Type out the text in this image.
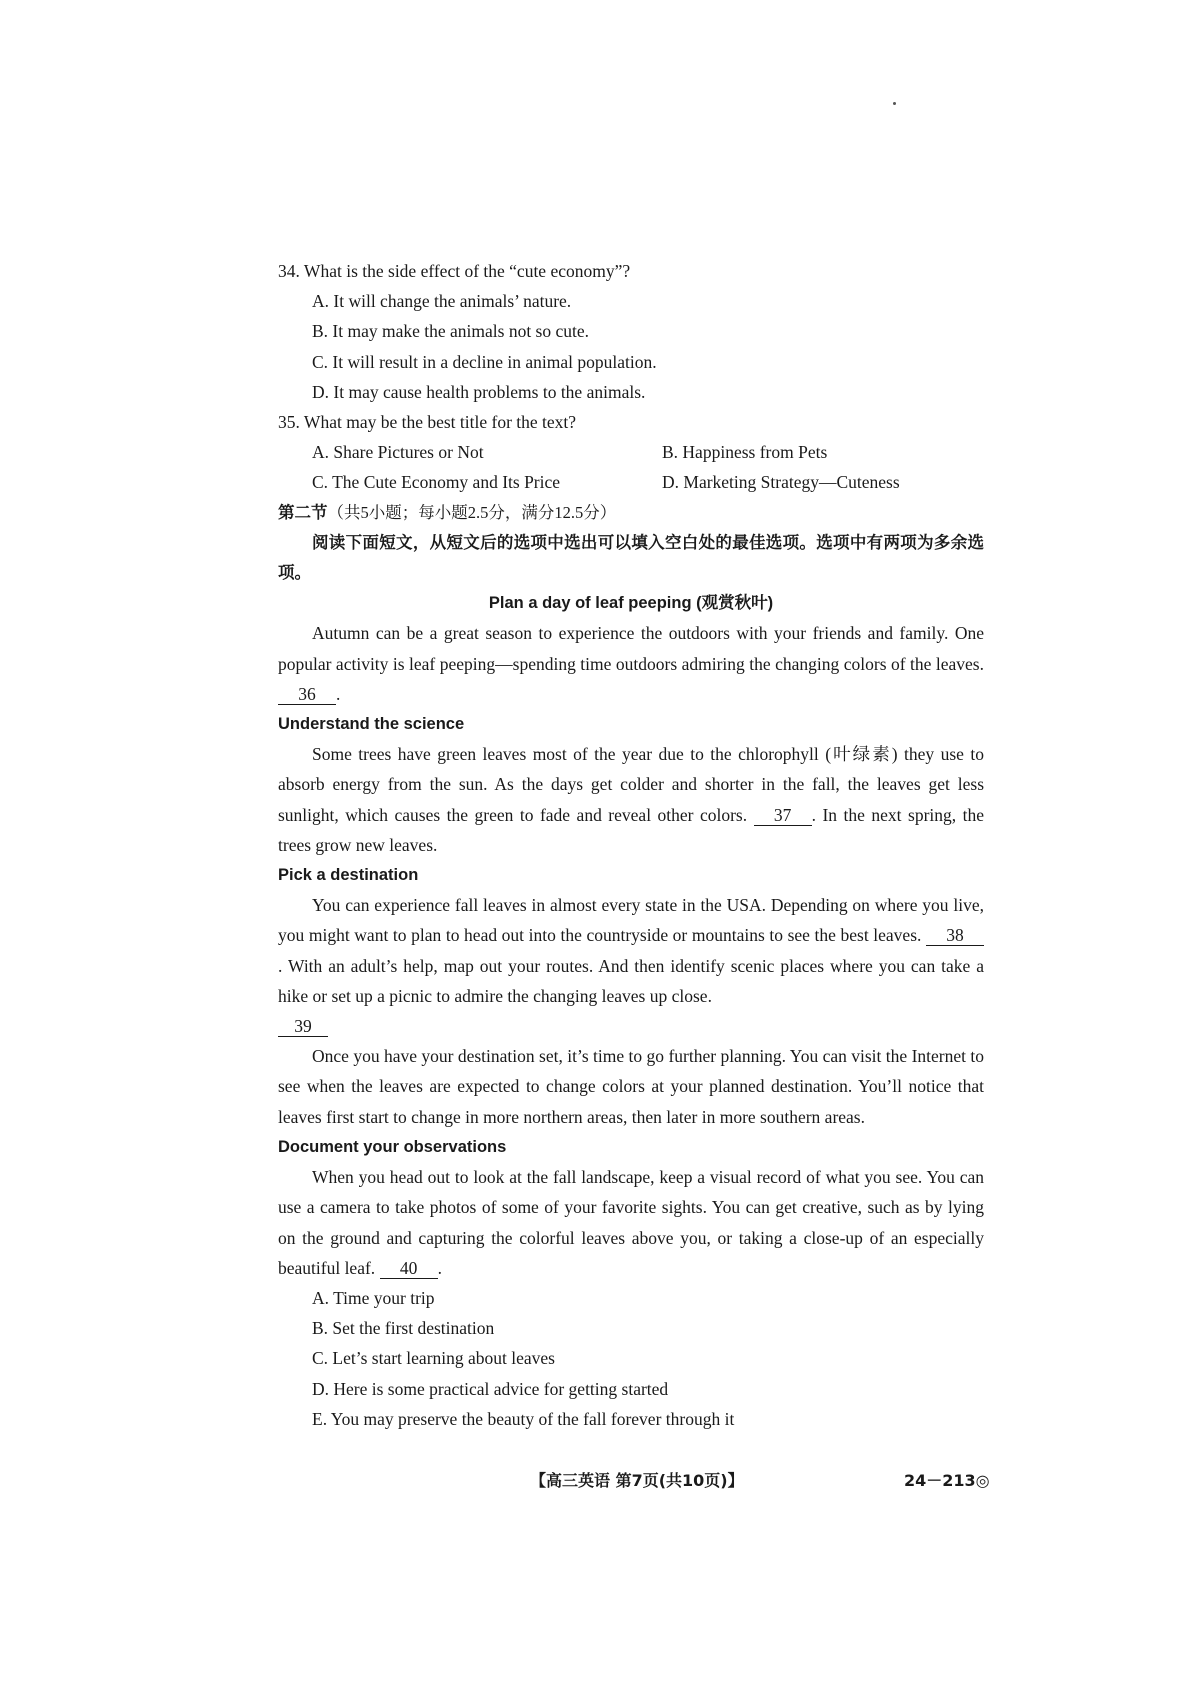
34. What is the side effect of the “cute economy”?
A. It will change the animals’ nature.
B. It may make the animals not so cute.
C. It will result in a decline in animal population.
D. It may cause health problems to the animals.
35. What may be the best title for the text?
A. Share Pictures or Not	B. Happiness from Pets
C. The Cute Economy and Its Price	D. Marketing Strategy—Cuteness
第二节（共5小题；每小题2.5分，满分12.5分）
阅读下面短文，从短文后的选项中选出可以填入空白处的最佳选项。选项中有两项为多余选项。
Plan a day of leaf peeping (观赏秋叶)
Autumn can be a great season to experience the outdoors with your friends and family. One popular activity is leaf peeping—spending time outdoors admiring the changing colors of the leaves. 36 .
Understand the science
Some trees have green leaves most of the year due to the chlorophyll (叶绿素) they use to absorb energy from the sun. As the days get colder and shorter in the fall, the leaves get less sunlight, which causes the green to fade and reveal other colors. 37 . In the next spring, the trees grow new leaves.
Pick a destination
You can experience fall leaves in almost every state in the USA. Depending on where you live, you might want to plan to head out into the countryside or mountains to see the best leaves. 38. With an adult’s help, map out your routes. And then identify scenic places where you can take a hike or set up a picnic to admire the changing leaves up close.
39
Once you have your destination set, it’s time to go further planning. You can visit the Internet to see when the leaves are expected to change colors at your planned destination. You’ll notice that leaves first start to change in more northern areas, then later in more southern areas.
Document your observations
When you head out to look at the fall landscape, keep a visual record of what you see. You can use a camera to take photos of some of your favorite sights. You can get creative, such as by lying on the ground and capturing the colorful leaves above you, or taking a close-up of an especially beautiful leaf. 40 .
A. Time your trip
B. Set the first destination
C. Let’s start learning about leaves
D. Here is some practical advice for getting started
E. You may preserve the beauty of the fall forever through it
【高三英语 第7页(共10页)】	24－213◎
